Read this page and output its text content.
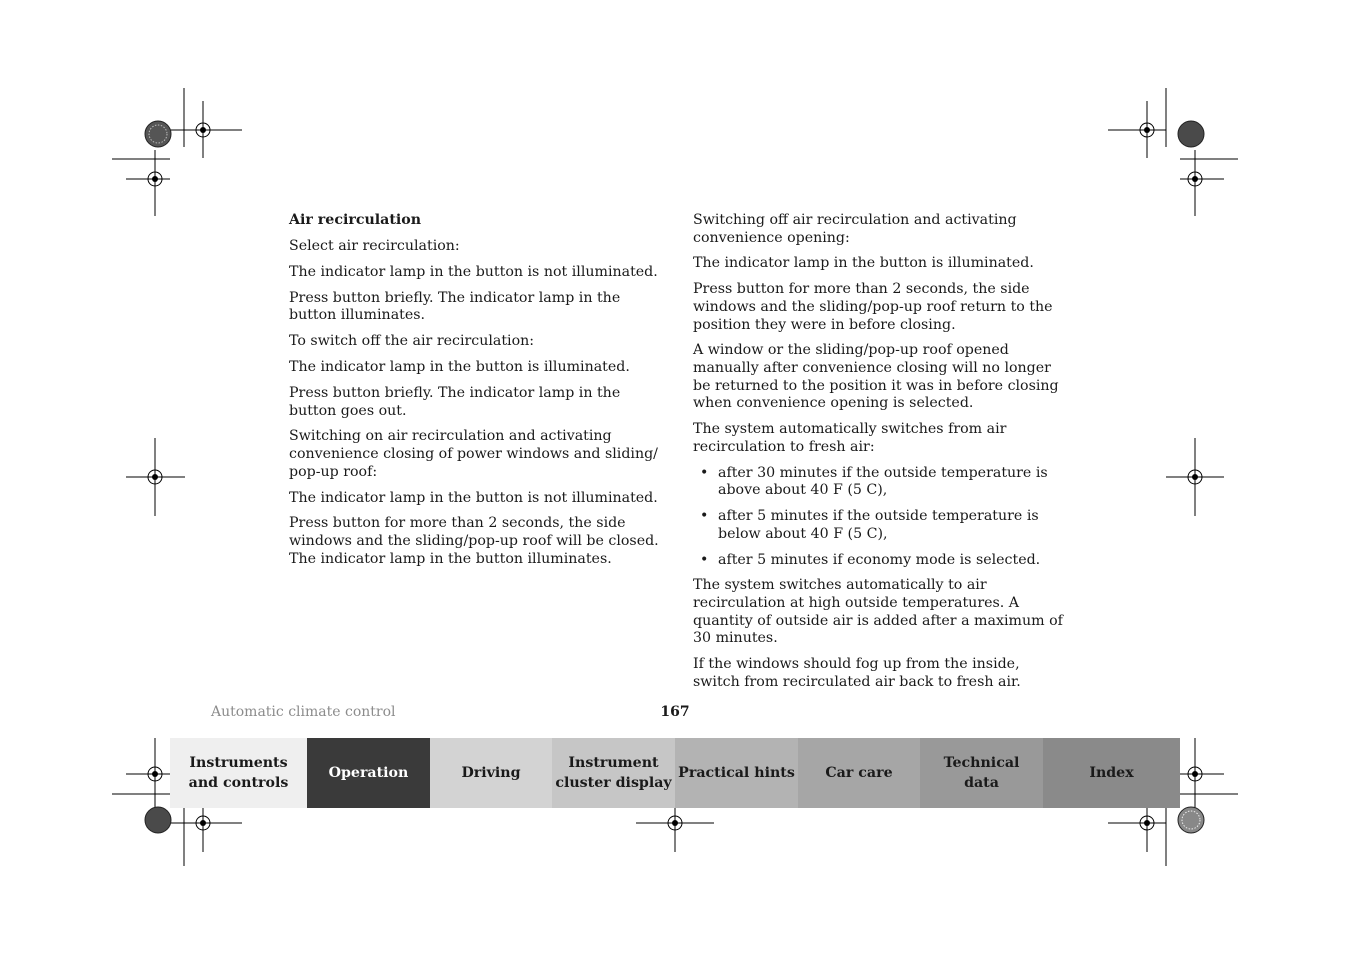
Air recirculation

Select air recirculation:

The indicator lamp in the button is not illuminated.

Press button briefly. The indicator lamp in the button illuminates.

To switch off the air recirculation:

The indicator lamp in the button is illuminated.

Press button briefly. The indicator lamp in the button goes out.

Switching on air recirculation and activating convenience closing of power windows and sliding/ pop-up roof:

The indicator lamp in the button is not illuminated.

Press button for more than 2 seconds, the side windows and the sliding/pop-up roof will be closed. The indicator lamp in the button illuminates.

Switching off air recirculation and activating convenience opening:

The indicator lamp in the button is illuminated.

Press button for more than 2 seconds, the side windows and the sliding/pop-up roof return to the position they were in before closing.

A window or the sliding/pop-up roof opened manually after convenience closing will no longer be returned to the position it was in before closing when convenience opening is selected.

The system automatically switches from air recirculation to fresh air:

• after 30 minutes if the outside temperature is above about 40 F (5 C),
• after 5 minutes if the outside temperature is below about 40 F (5 C),
• after 5 minutes if economy mode is selected.

The system switches automatically to air recirculation at high outside temperatures. A quantity of outside air is added after a maximum of 30 minutes.

If the windows should fog up from the inside, switch from recirculated air back to fresh air.

Automatic climate control	167
Instruments
and controls
Operation	Driving
Instrument
cluster display
Practical hints Car care
Technical
data
Index
